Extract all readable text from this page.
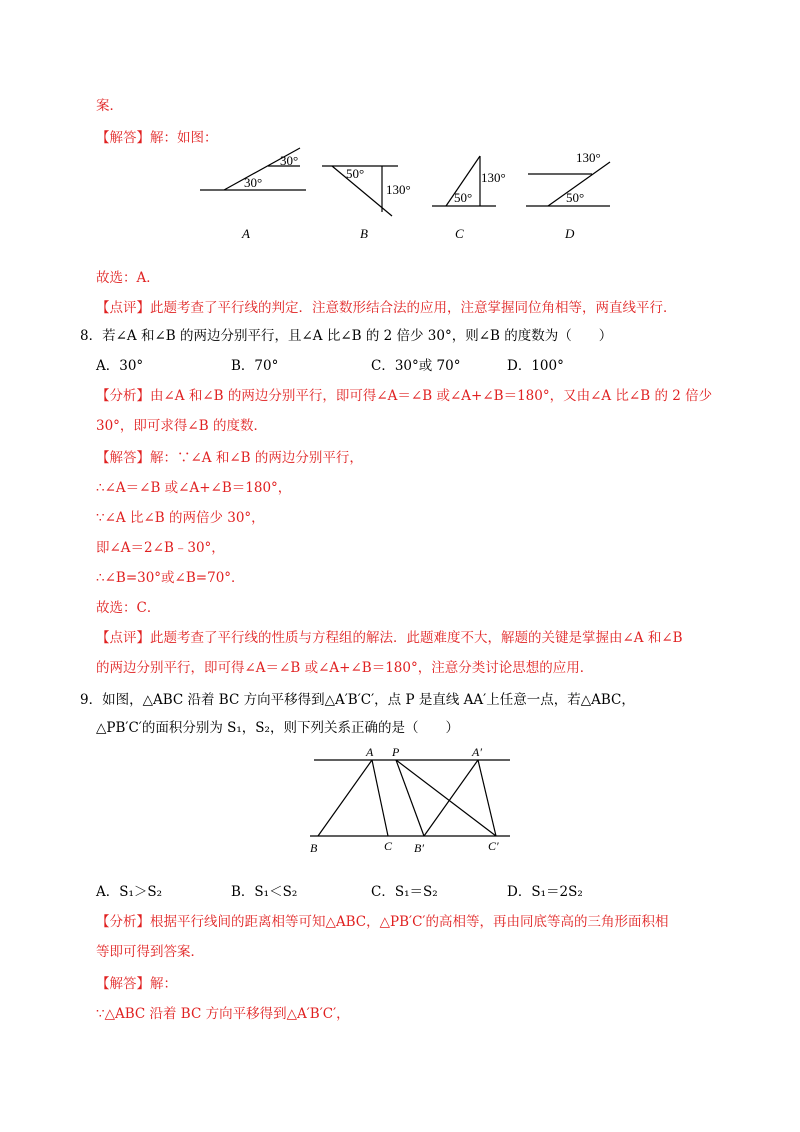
案．
【解答】解：如图：
30°
30°
50°
130°
130°
50°
130°
50°
A	B	C	D
故选：A．
【点评】此题考查了平行线的判定．注意数形结合法的应用，注意掌握同位角相等，两直线平行．
8．若∠A 和∠B 的两边分别平行，且∠A 比∠B 的 2 倍少 30°，则∠B 的度数为（　　）
A．30°	B．70°	C．30°或 70°	D．100°
【分析】由∠A 和∠B 的两边分别平行，即可得∠A＝∠B 或∠A+∠B＝180°，又由∠A 比∠B 的 2 倍少
30°，即可求得∠B 的度数．
【解答】解：∵∠A 和∠B 的两边分别平行，
∴∠A＝∠B 或∠A+∠B＝180°，
∵∠A 比∠B 的两倍少 30°，
即∠A＝2∠B﹣30°，
∴∠B=30°或∠B=70°．
故选：C．
【点评】此题考查了平行线的性质与方程组的解法．此题难度不大，解题的关键是掌握由∠A 和∠B
的两边分别平行，即可得∠A＝∠B 或∠A+∠B＝180°，注意分类讨论思想的应用．
9．如图，△ABC 沿着 BC 方向平移得到△A′B′C′，点 P 是直线 AA′上任意一点，若△ABC，
△PB′C′的面积分别为 S₁，S₂，则下列关系正确的是（　　）
A P	A′
B	C B′	C′
A．S₁＞S₂	B．S₁＜S₂	C．S₁＝S₂	D．S₁＝2S₂
【分析】根据平行线间的距离相等可知△ABC，△PB′C′的高相等，再由同底等高的三角形面积相
等即可得到答案．
【解答】解：
∵△ABC 沿着 BC 方向平移得到△A′B′C′，
